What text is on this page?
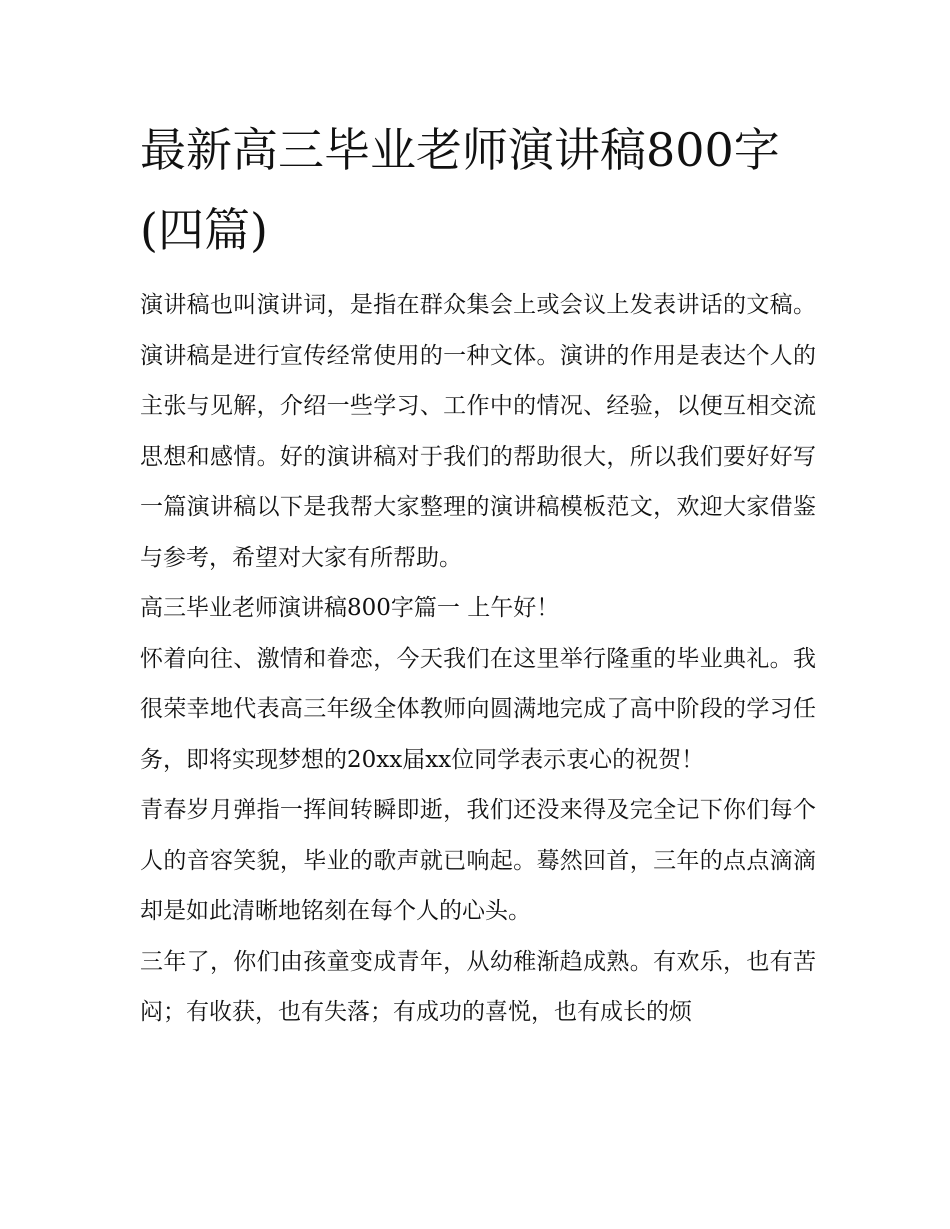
最新高三毕业老师演讲稿800字(四篇)

演讲稿也叫演讲词，是指在群众集会上或会议上发表讲话的文稿。演讲稿是进行宣传经常使用的一种文体。演讲的作用是表达个人的主张与见解，介绍一些学习、工作中的情况、经验，以便互相交流思想和感情。好的演讲稿对于我们的帮助很大，所以我们要好好写一篇演讲稿以下是我帮大家整理的演讲稿模板范文，欢迎大家借鉴与参考，希望对大家有所帮助。

高三毕业老师演讲稿800字篇一 上午好！

怀着向往、激情和眷恋，今天我们在这里举行隆重的毕业典礼。我很荣幸地代表高三年级全体教师向圆满地完成了高中阶段的学习任务，即将实现梦想的20xx届xx位同学表示衷心的祝贺！

青春岁月弹指一挥间转瞬即逝，我们还没来得及完全记下你们每个人的音容笑貌，毕业的歌声就已响起。蓦然回首，三年的点点滴滴却是如此清晰地铭刻在每个人的心头。

三年了，你们由孩童变成青年，从幼稚渐趋成熟。有欢乐，也有苦闷；有收获，也有失落；有成功的喜悦，也有成长的烦
